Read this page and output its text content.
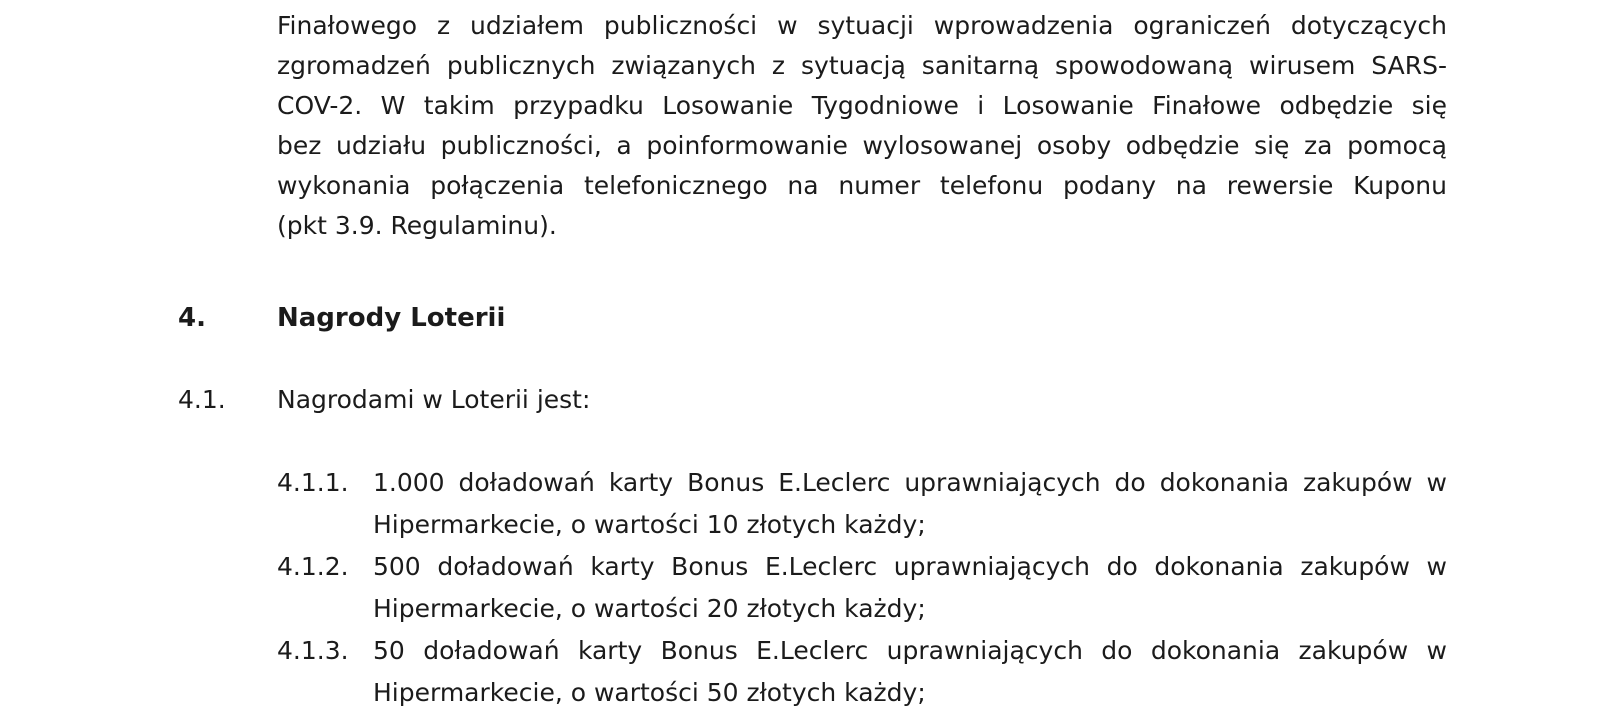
Finałowego z udziałem publiczności w sytuacji wprowadzenia ograniczeń dotyczących
zgromadzeń publicznych związanych z sytuacją sanitarną spowodowaną wirusem SARS-
COV-2. W takim przypadku Losowanie Tygodniowe i Losowanie Finałowe odbędzie się
bez udziału publiczności, a poinformowanie wylosowanej osoby odbędzie się za pomocą
wykonania połączenia telefonicznego na numer telefonu podany na rewersie Kuponu
(pkt 3.9. Regulaminu).
4.	Nagrody Loterii
4.1. Nagrodami w Loterii jest:
4.1.1. 1.000 doładowań karty Bonus E.Leclerc uprawniających do dokonania zakupów w
Hipermarkecie, o wartości 10 złotych każdy;
4.1.2. 500 doładowań karty Bonus E.Leclerc uprawniających do dokonania zakupów w
Hipermarkecie, o wartości 20 złotych każdy;
4.1.3. 50 doładowań karty Bonus E.Leclerc uprawniających do dokonania zakupów w
Hipermarkecie, o wartości 50 złotych każdy;
